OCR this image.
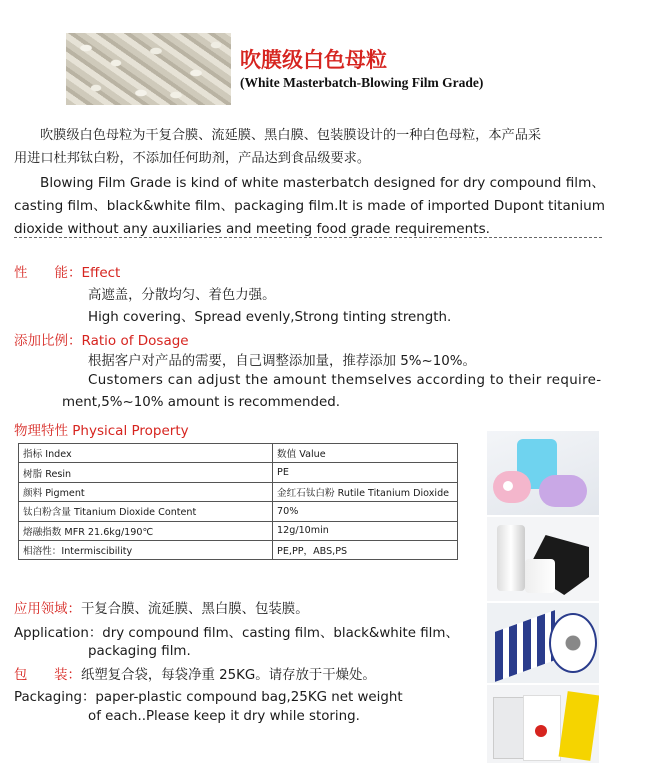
吹膜级白色母粒
(White Masterbatch-Blowing Film Grade)
吹膜级白色母粒为干复合膜、流延膜、黑白膜、包装膜设计的一种白色母粒，本产品采
用进口杜邦钛白粉，不添加任何助剂，产品达到食品级要求。
Blowing Film Grade is kind of white masterbatch designed for dry compound film、
casting film、black&white film、packaging film.It is made of imported Dupont titanium
dioxide without any auxiliaries and meeting food grade requirements.
性　　能：Effect
高遮盖，分散均匀、着色力强。
High covering、Spread evenly,Strong tinting strength.
添加比例：Ratio of Dosage
根据客户对产品的需要，自己调整添加量，推荐添加 5%~10%。
Customers can adjust the amount themselves according to their require-
ment,5%~10% amount is recommended.
物理特性 Physical Property
指标 Index	数值 Value
树脂 Resin	PE
颜料 Pigment	金红石钛白粉 Rutile Titanium Dioxide
钛白粉含量 Titanium Dioxide Content	70%
熔融指数 MFR 21.6kg/190℃	12g/10min
相溶性：Intermiscibility	PE,PP，ABS,PS
应用领域：干复合膜、流延膜、黑白膜、包装膜。
Application：dry compound film、casting film、black&white film、
packaging film.
包　　装：纸塑复合袋，每袋净重 25KG。请存放于干燥处。
Packaging：paper-plastic compound bag,25KG net weight
of each..Please keep it dry while storing.
